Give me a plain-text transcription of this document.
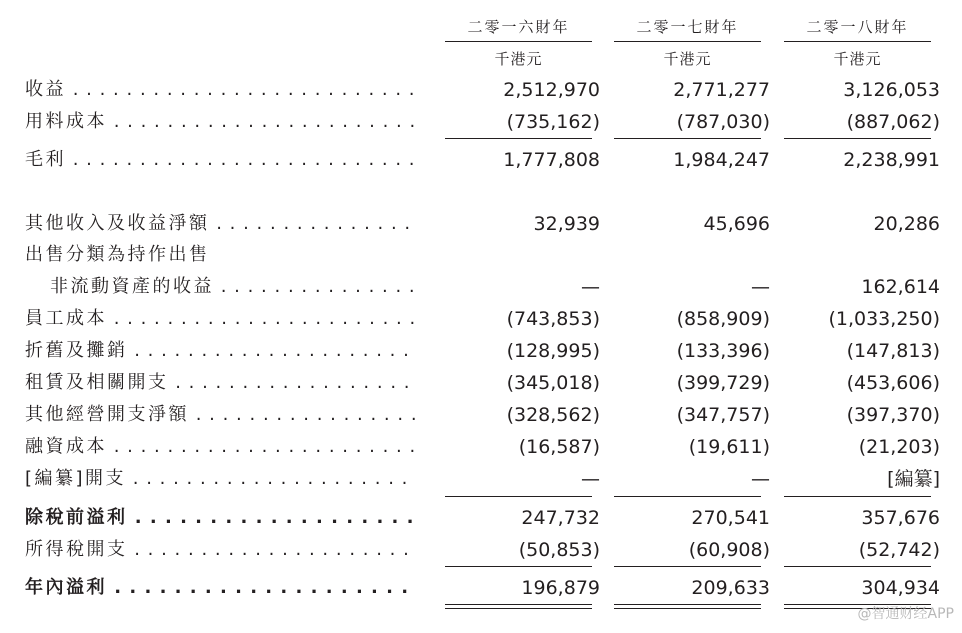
二零一六財年	二零一七財年	二零一八財年
千港元	千港元	千港元
收益 . . .	2,512,970	2,771,277	3,126,053
用料成本 . . .	(735,162)	(787,030)	(887,062)
毛利 . . .	1,777,808	1,984,247	2,238,991
其他收入及收益淨額 . . .	32,939	45,696	20,286
出售分類為持作出售
非流動資產的收益 . . .	—	—	162,614
員工成本 . . .	(743,853)	(858,909)	(1,033,250)
折舊及攤銷 . . .	(128,995)	(133,396)	(147,813)
租賃及相關開支 . . .	(345,018)	(399,729)	(453,606)
其他經營開支淨額 . . .	(328,562)	(347,757)	(397,370)
融資成本 . . .	(16,587)	(19,611)	(21,203)
[編纂]開支 . . .	—	—	[編纂]
除稅前溢利 . . .	247,732	270,541	357,676
所得稅開支 . . .	(50,853)	(60,908)	(52,742)
年內溢利 . . .	196,879	209,633	304,934
@智通财经APP
